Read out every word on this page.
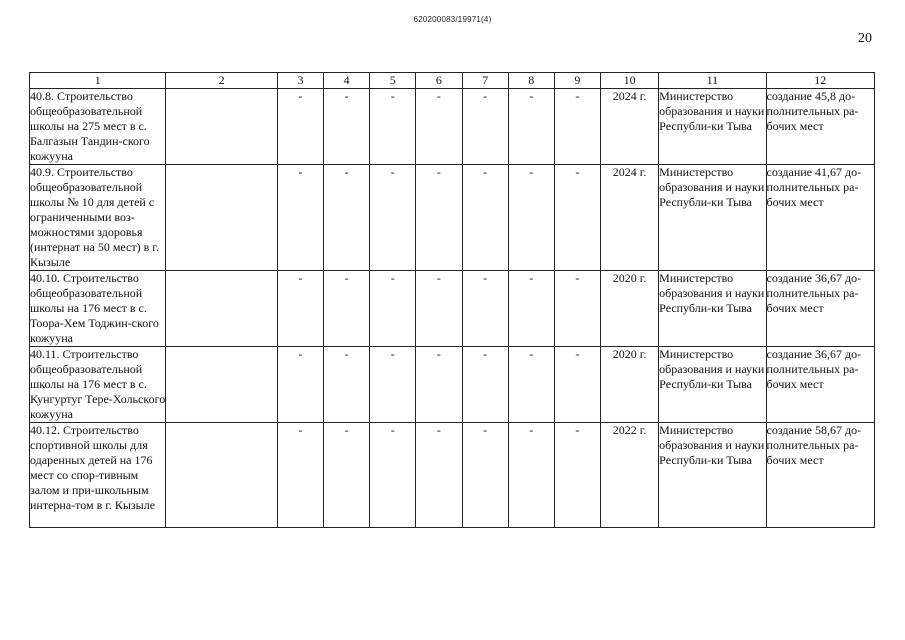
620200083/19971(4)
20
1	2	3	4	5	6	7	8	9	10	11	12
40.8. Строительство общеобразовательной школы на 275 мест в с. Балгазын Тандин-ского кожууна		-	-	-	-	-	-	-	2024 г.	Министерство образования и науки Республи-ки Тыва	создание 45,8 до-полнительных ра-бочих мест
40.9. Строительство общеобразовательной школы № 10 для детей с ограниченными воз-можностями здоровья (интернат на 50 мест) в г. Кызыле		-	-	-	-	-	-	-	2024 г.	Министерство образования и науки Республи-ки Тыва	создание 41,67 до-полнительных ра-бочих мест
40.10. Строительство общеобразовательной школы на 176 мест в с. Тоора-Хем Тоджин-ского кожууна		-	-	-	-	-	-	-	2020 г.	Министерство образования и науки Республи-ки Тыва	создание 36,67 до-полнительных ра-бочих мест
40.11. Строительство общеобразовательной школы на 176 мест в с. Кунгуртуг Тере-Хольского кожууна		-	-	-	-	-	-	-	2020 г.	Министерство образования и науки Республи-ки Тыва	создание 36,67 до-полнительных ра-бочих мест
40.12. Строительство спортивной школы для одаренных детей на 176 мест со спор-тивным залом и при-школьным интерна-том в г. Кызыле		-	-	-	-	-	-	-	2022 г.	Министерство образования и науки Республи-ки Тыва	создание 58,67 до-полнительных ра-бочих мест
